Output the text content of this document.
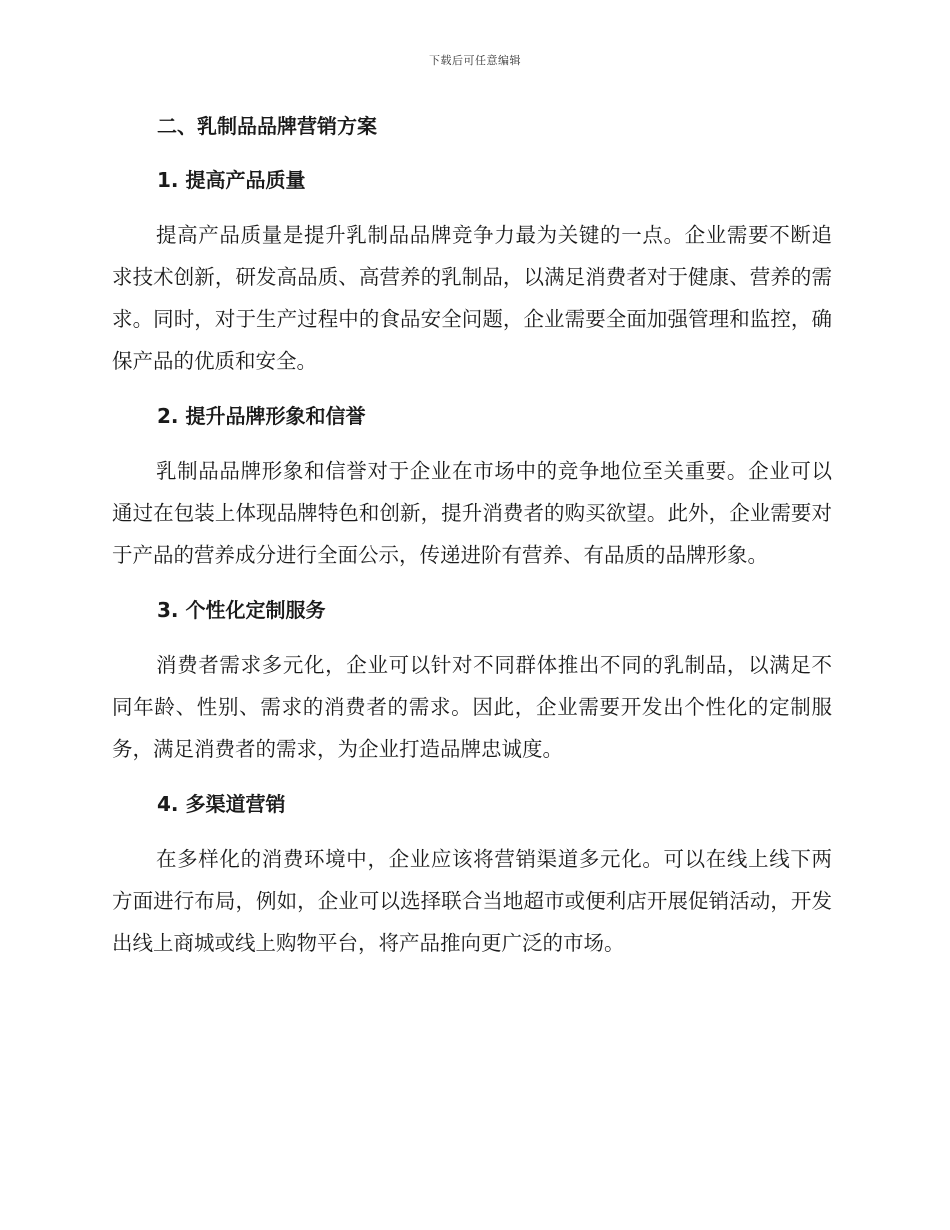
下载后可任意编辑
二、乳制品品牌营销方案
1. 提高产品质量

提高产品质量是提升乳制品品牌竞争力最为关键的一点。企业需要不断追求技术创新，研发高品质、高营养的乳制品，以满足消费者对于健康、营养的需求。同时，对于生产过程中的食品安全问题，企业需要全面加强管理和监控，确保产品的优质和安全。

2. 提升品牌形象和信誉

乳制品品牌形象和信誉对于企业在市场中的竞争地位至关重要。企业可以通过在包装上体现品牌特色和创新，提升消费者的购买欲望。此外，企业需要对于产品的营养成分进行全面公示，传递进阶有营养、有品质的品牌形象。

3. 个性化定制服务

消费者需求多元化，企业可以针对不同群体推出不同的乳制品，以满足不同年龄、性别、需求的消费者的需求。因此，企业需要开发出个性化的定制服务，满足消费者的需求，为企业打造品牌忠诚度。

4. 多渠道营销

在多样化的消费环境中，企业应该将营销渠道多元化。可以在线上线下两方面进行布局，例如，企业可以选择联合当地超市或便利店开展促销活动，开发出线上商城或线上购物平台，将产品推向更广泛的市场。
